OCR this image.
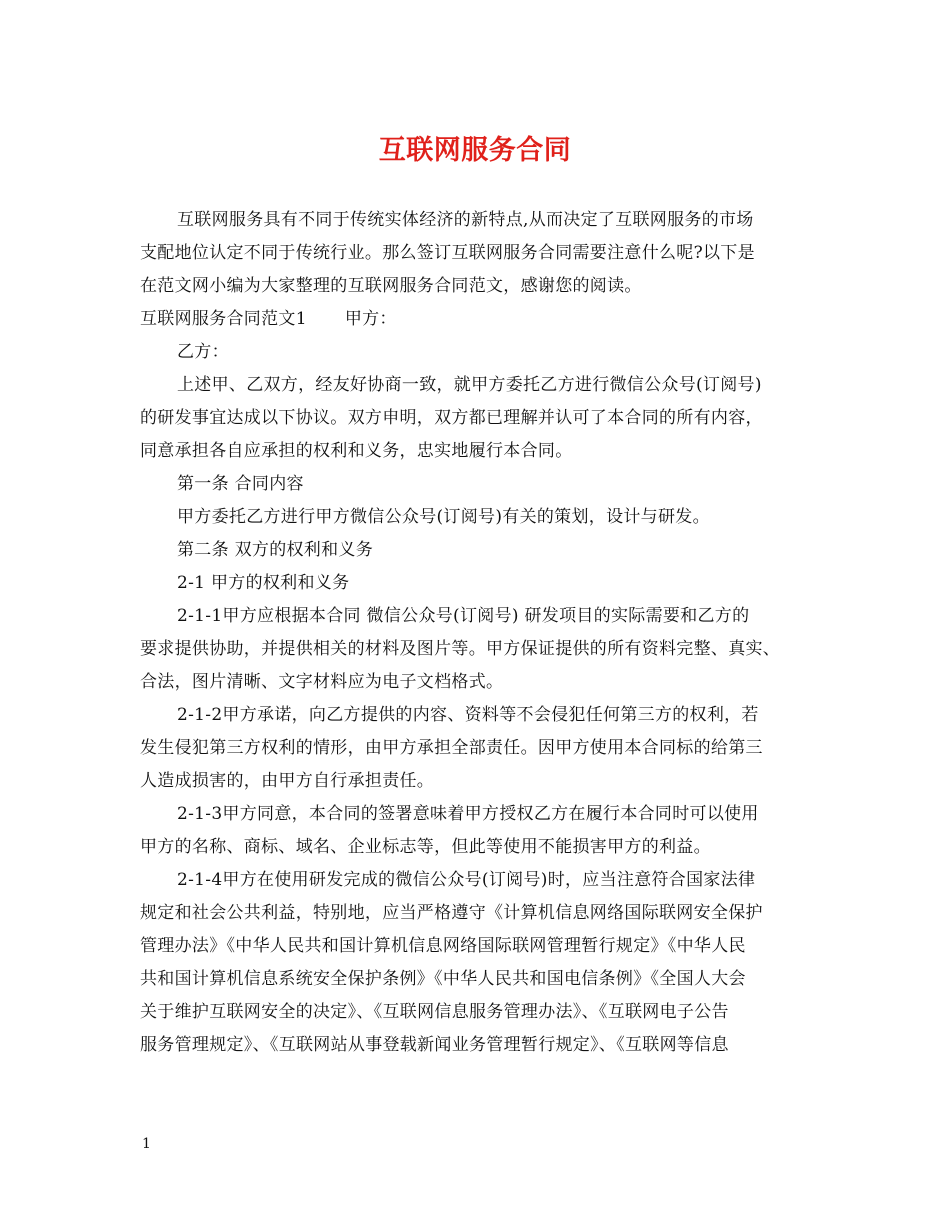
互联网服务合同
互联网服务具有不同于传统实体经济的新特点,从而决定了互联网服务的市场
支配地位认定不同于传统行业。那么签订互联网服务合同需要注意什么呢?以下是
在范文网小编为大家整理的互联网服务合同范文，感谢您的阅读。
互联网服务合同范文1 甲方：
乙方：
上述甲、乙双方，经友好协商一致，就甲方委托乙方进行微信公众号(订阅号)
的研发事宜达成以下协议。双方申明，双方都已理解并认可了本合同的所有内容，
同意承担各自应承担的权利和义务，忠实地履行本合同。
第一条 合同内容
甲方委托乙方进行甲方微信公众号(订阅号)有关的策划，设计与研发。
第二条 双方的权利和义务
2-1 甲方的权利和义务
2-1-1甲方应根据本合同 微信公众号(订阅号) 研发项目的实际需要和乙方的
要求提供协助，并提供相关的材料及图片等。甲方保证提供的所有资料完整、真实、
合法，图片清晰、文字材料应为电子文档格式。
2-1-2甲方承诺，向乙方提供的内容、资料等不会侵犯任何第三方的权利，若
发生侵犯第三方权利的情形，由甲方承担全部责任。因甲方使用本合同标的给第三
人造成损害的，由甲方自行承担责任。
2-1-3甲方同意，本合同的签署意味着甲方授权乙方在履行本合同时可以使用
甲方的名称、商标、域名、企业标志等，但此等使用不能损害甲方的利益。
2-1-4甲方在使用研发完成的微信公众号(订阅号)时，应当注意符合国家法律
规定和社会公共利益，特别地，应当严格遵守《计算机信息网络国际联网安全保护
管理办法》《中华人民共和国计算机信息网络国际联网管理暂行规定》《中华人民
共和国计算机信息系统安全保护条例》《中华人民共和国电信条例》《全国人大会
关于维护互联网安全的决定》、《互联网信息服务管理办法》、《互联网电子公告
服务管理规定》、《互联网站从事登载新闻业务管理暂行规定》、《互联网等信息
1
